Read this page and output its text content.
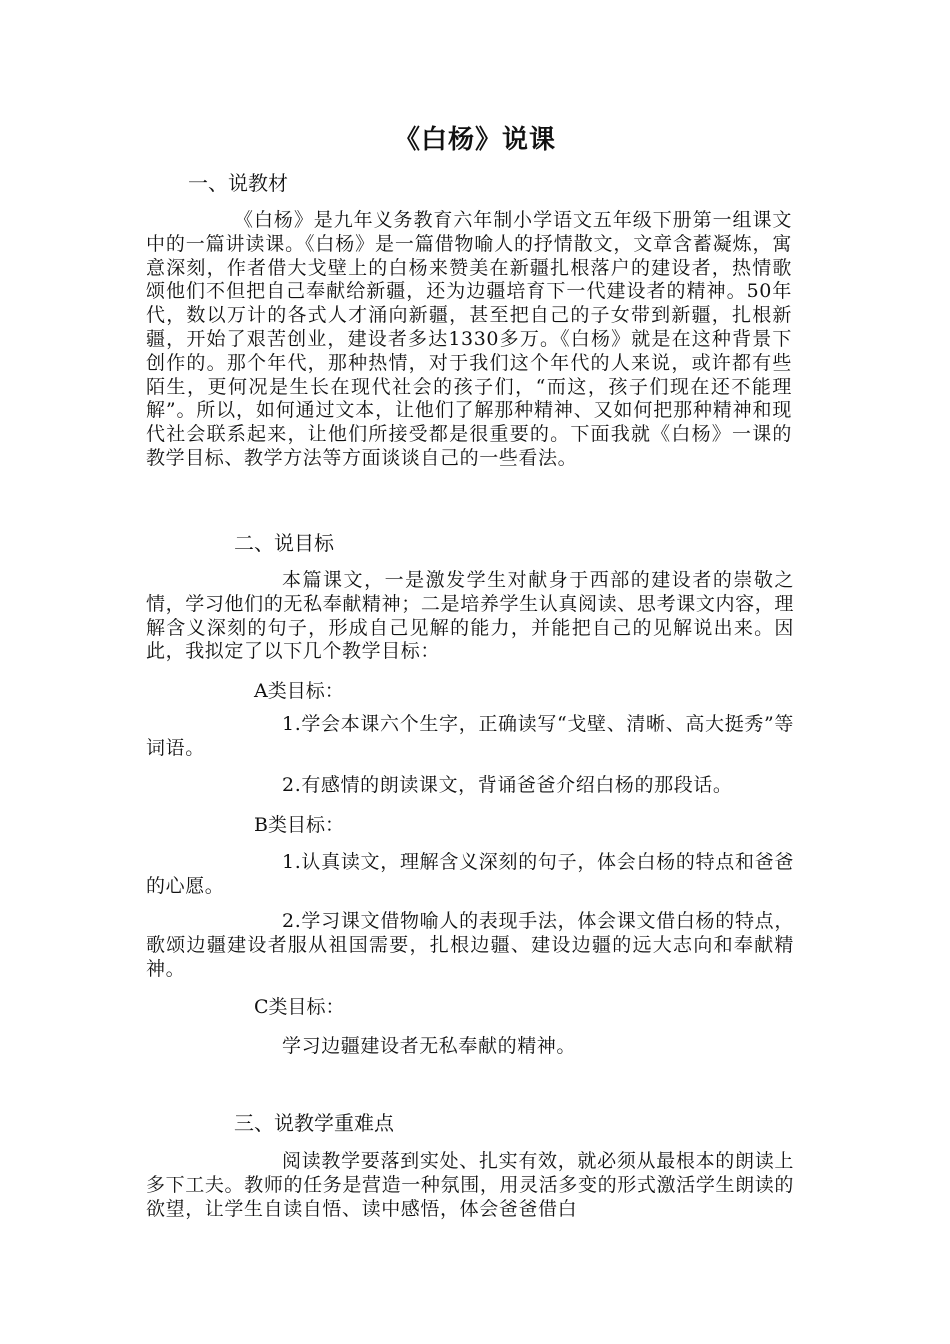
《白杨》说课
一、说教材

《白杨》是九年义务教育六年制小学语文五年级下册第一组课文中的一篇讲读课。《白杨》是一篇借物喻人的抒情散文，文章含蓄凝炼，寓意深刻，作者借大戈壁上的白杨来赞美在新疆扎根落户的建设者，热情歌颂他们不但把自己奉献给新疆，还为边疆培育下一代建设者的精神。50年代，数以万计的各式人才涌向新疆，甚至把自己的子女带到新疆，扎根新疆，开始了艰苦创业，建设者多达1330多万。《白杨》就是在这种背景下创作的。那个年代，那种热情，对于我们这个年代的人来说，或许都有些陌生，更何况是生长在现代社会的孩子们，“而这，孩子们现在还不能理解”。所以，如何通过文本，让他们了解那种精神、又如何把那种精神和现代社会联系起来，让他们所接受都是很重要的。下面我就《白杨》一课的教学目标、教学方法等方面谈谈自己的一些看法。

二、说目标

本篇课文，一是激发学生对献身于西部的建设者的崇敬之情，学习他们的无私奉献精神；二是培养学生认真阅读、思考课文内容，理解含义深刻的句子，形成自己见解的能力，并能把自己的见解说出来。因此，我拟定了以下几个教学目标：

A类目标：

1.学会本课六个生字，正确读写“戈壁、清晰、高大挺秀”等词语。

2.有感情的朗读课文，背诵爸爸介绍白杨的那段话。

B类目标：

1.认真读文，理解含义深刻的句子，体会白杨的特点和爸爸的心愿。

2.学习课文借物喻人的表现手法，体会课文借白杨的特点，歌颂边疆建设者服从祖国需要，扎根边疆、建设边疆的远大志向和奉献精神。

C类目标：
学习边疆建设者无私奉献的精神。
三、说教学重难点

阅读教学要落到实处、扎实有效，就必须从最根本的朗读上多下工夫。教师的任务是营造一种氛围，用灵活多变的形式激活学生朗读的欲望，让学生自读自悟、读中感悟，体会爸爸借白
